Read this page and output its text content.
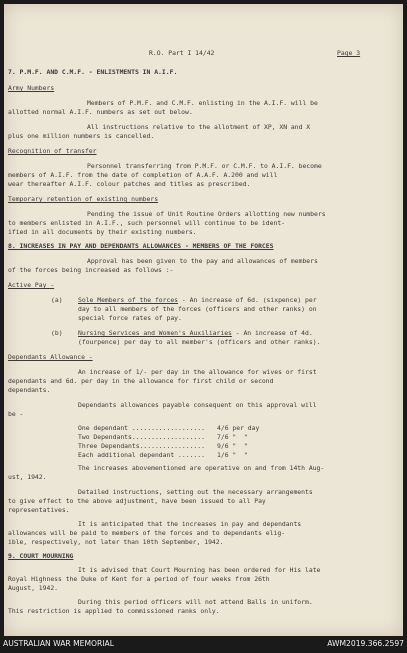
R.O. Part I 14/42	Page 3
7. P.M.F. AND C.M.F. - ENLISTMENTS IN A.I.F.
Army Numbers
Members of P.M.F. and C.M.F. enlisting in the A.I.F. will be
allotted normal A.I.F. numbers as set out below.
All instructions relative to the allotment of XP, XN and X
plus one million numbers is cancelled.
Recognition of transfer
Personnel transferring from P.M.F. or C.M.F. to A.I.F. become
members of A.I.F. from the date of completion of A.A.F. A.200 and will
wear thereafter A.I.F. colour patches and titles as prescribed.
Temporary retention of existing numbers
Pending the issue of Unit Routine Orders allotting new numbers
to members enlisted in A.I.F., such personnel will continue to be ident-
ified in all documents by their existing numbers.
8. INCREASES IN PAY AND DEPENDANTS ALLOWANCES - MEMBERS OF THE FORCES
Approval has been given to the pay and allowances of members
of the forces being increased as follows :-
Active Pay -
(a) Sole Members of the forces - An increase of 6d. (sixpence) per
day to all members of the forces (officers and other ranks) on
special force rates of pay.
(b) Nursing Services and Women's Auxiliaries - An increase of 4d.
(fourpence) per day to all member's (officers and other ranks).
Dependants Allowance -
An increase of 1/- per day in the allowance for wives or first
dependants and 6d. per day in the allowance for first child or second
dependants.
Dependants allowances payable consequent on this approval will
be -
One dependant ................... 4/6 per day
Two Dependants................... 7/6 "  "
Three Dependants................. 9/6 "  "
Each additional dependant ....... 1/6 "  "
The increases abovementioned are operative on and from 14th Aug-
ust, 1942.
Detailed instructions, setting out the necessary arrangements
to give effect to the above adjustment, have been issued to all Pay
representatives.
It is anticipated that the increases in pay and dependants
allowances will be paid to members of the forces and to dependants elig-
ible, respectively, not later than 10th September, 1942.
9. COURT MOURNING
It is advised that Court Mourning has been ordered for His late
Royal Highness the Duke of Kent for a period of four weeks from 26th
August, 1942.
During this period officers will not attend Balls in uniform.
This restriction is applied to commissioned ranks only.
AUSTRALIAN WAR MEMORIAL	AWM2019.366.2597
